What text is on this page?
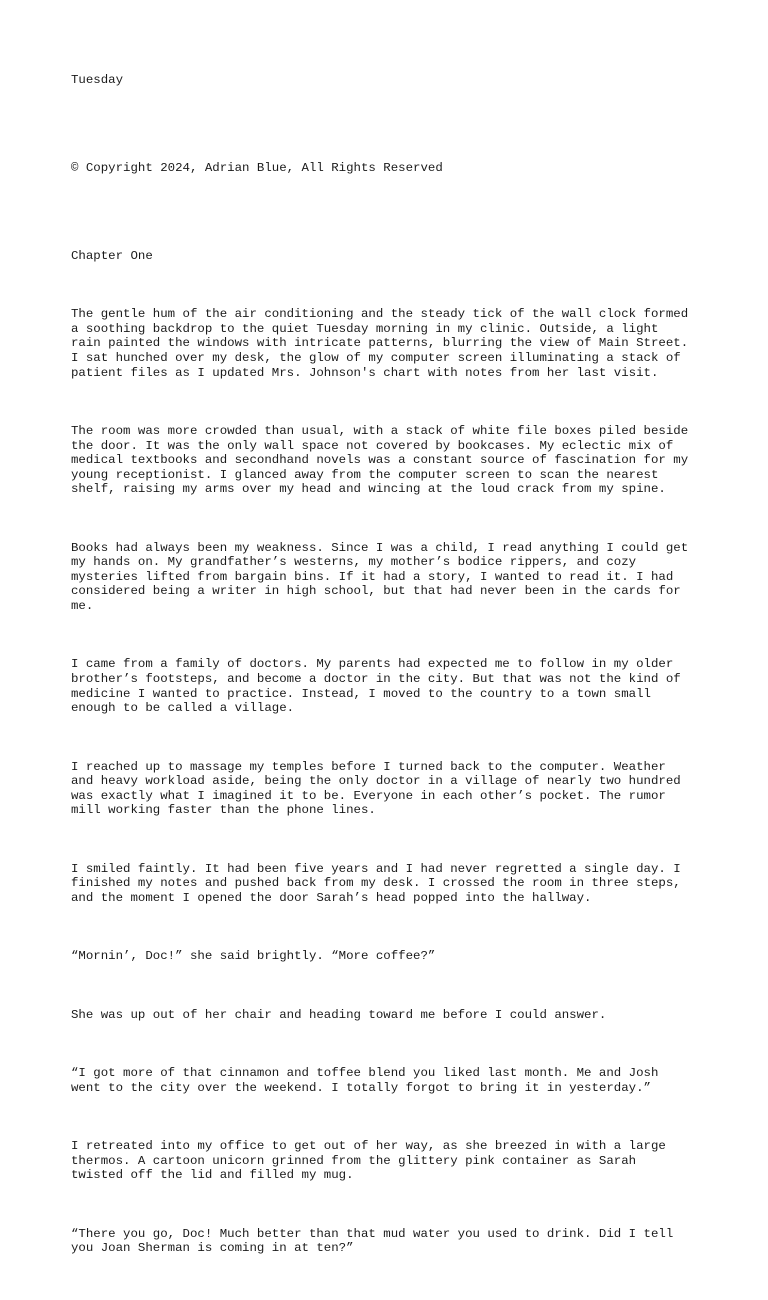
Tuesday

© Copyright 2024, Adrian Blue, All Rights Reserved

Chapter One

The gentle hum of the air conditioning and the steady tick of the wall clock formed
a soothing backdrop to the quiet Tuesday morning in my clinic. Outside, a light
rain painted the windows with intricate patterns, blurring the view of Main Street.
I sat hunched over my desk, the glow of my computer screen illuminating a stack of
patient files as I updated Mrs. Johnson's chart with notes from her last visit.

The room was more crowded than usual, with a stack of white file boxes piled beside
the door. It was the only wall space not covered by bookcases. My eclectic mix of
medical textbooks and secondhand novels was a constant source of fascination for my
young receptionist. I glanced away from the computer screen to scan the nearest
shelf, raising my arms over my head and wincing at the loud crack from my spine.

Books had always been my weakness. Since I was a child, I read anything I could get
my hands on. My grandfather’s westerns, my mother’s bodice rippers, and cozy
mysteries lifted from bargain bins. If it had a story, I wanted to read it. I had
considered being a writer in high school, but that had never been in the cards for
me.

I came from a family of doctors. My parents had expected me to follow in my older
brother’s footsteps, and become a doctor in the city. But that was not the kind of
medicine I wanted to practice. Instead, I moved to the country to a town small
enough to be called a village.

I reached up to massage my temples before I turned back to the computer. Weather
and heavy workload aside, being the only doctor in a village of nearly two hundred
was exactly what I imagined it to be. Everyone in each other’s pocket. The rumor
mill working faster than the phone lines.

I smiled faintly. It had been five years and I had never regretted a single day. I
finished my notes and pushed back from my desk. I crossed the room in three steps,
and the moment I opened the door Sarah’s head popped into the hallway.

“Mornin’, Doc!” she said brightly. “More coffee?”

She was up out of her chair and heading toward me before I could answer.

“I got more of that cinnamon and toffee blend you liked last month. Me and Josh
went to the city over the weekend. I totally forgot to bring it in yesterday.”

I retreated into my office to get out of her way, as she breezed in with a large
thermos. A cartoon unicorn grinned from the glittery pink container as Sarah
twisted off the lid and filled my mug.

“There you go, Doc! Much better than that mud water you used to drink. Did I tell
you Joan Sherman is coming in at ten?”
